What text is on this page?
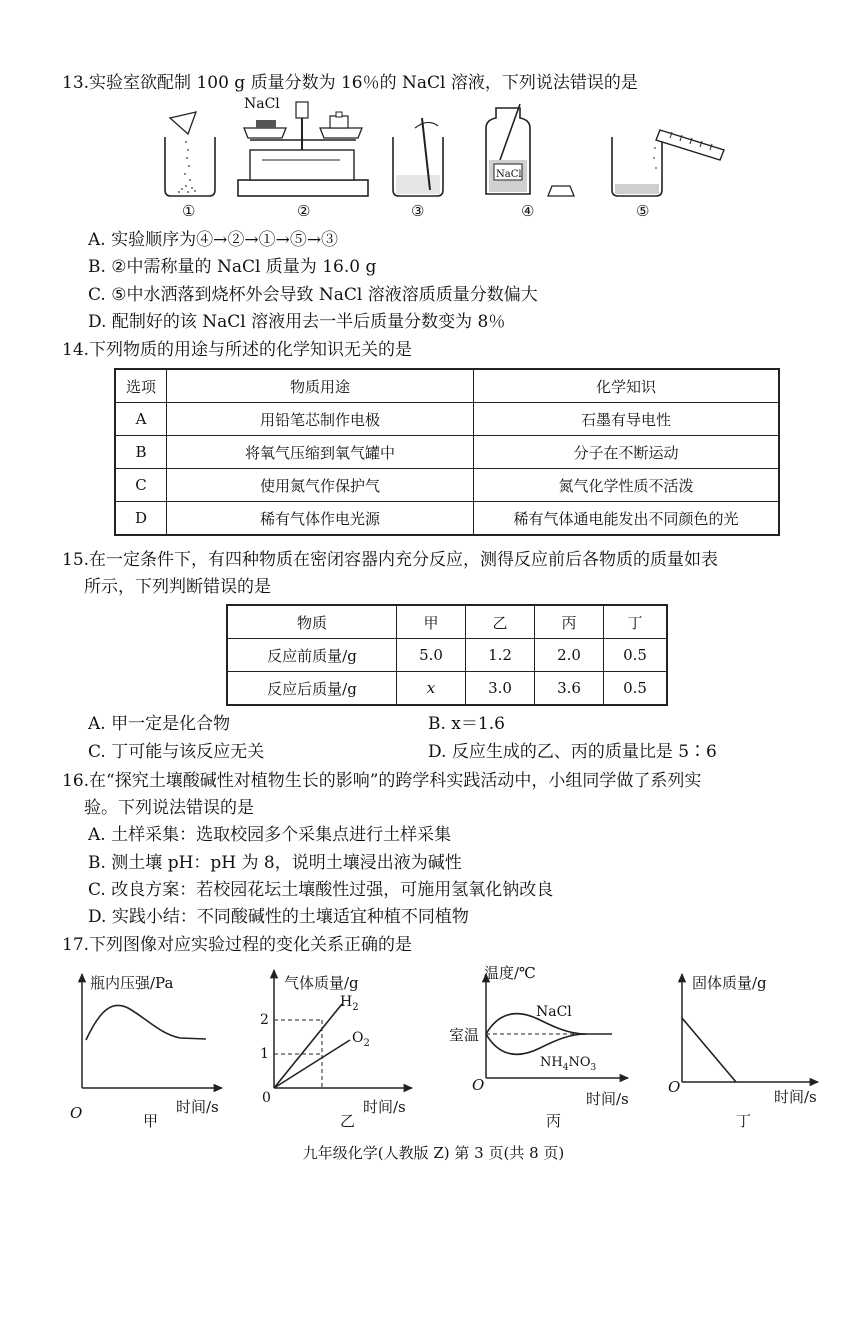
13.实验室欲配制 100 g 质量分数为 16％的 NaCl 溶液，下列说法错误的是
NaCl
NaCl
①	②	③	④	⑤
A. 实验顺序为④→②→①→⑤→③
B. ②中需称量的 NaCl 质量为 16.0 g
C. ⑤中水洒落到烧杯外会导致 NaCl 溶液溶质质量分数偏大
D. 配制好的该 NaCl 溶液用去一半后质量分数变为 8％
14.下列物质的用途与所述的化学知识无关的是
选项	物质用途	化学知识
A	用铅笔芯制作电极	石墨有导电性
B	将氧气压缩到氧气罐中	分子在不断运动
C	使用氮气作保护气	氮气化学性质不活泼
D	稀有气体作电光源	稀有气体通电能发出不同颜色的光
15.在一定条件下，有四种物质在密闭容器内充分反应，测得反应前后各物质的质量如表
所示，下列判断错误的是
物质	甲	乙	丙	丁
反应前质量/g	5.0	1.2	2.0	0.5
反应后质量/g	x	3.0	3.6	0.5
A. 甲一定是化合物	B. x＝1.6
C. 丁可能与该反应无关	D. 反应生成的乙、丙的质量比是 5∶6
16.在“探究土壤酸碱性对植物生长的影响”的跨学科实践活动中，小组同学做了系列实
验。下列说法错误的是
A. 土样采集：选取校园多个采集点进行土样采集
B. 测土壤 pH：pH 为 8，说明土壤浸出液为碱性
C. 改良方案：若校园花坛土壤酸性过强，可施用氢氧化钠改良
D. 实践小结：不同酸碱性的土壤适宜种植不同植物
17.下列图像对应实验过程的变化关系正确的是
瓶内压强/Pa
时间/s
O	甲
气体质量/g
2
1
$H_2$
$O_2$
时间/s
0
乙
温度/℃
室温
NaCl
$NH_4NO_3$
时间/s
O
丙
固体质量/g
时间/s
O
丁
九年级化学(人教版 Z) 第 3 页(共 8 页)
